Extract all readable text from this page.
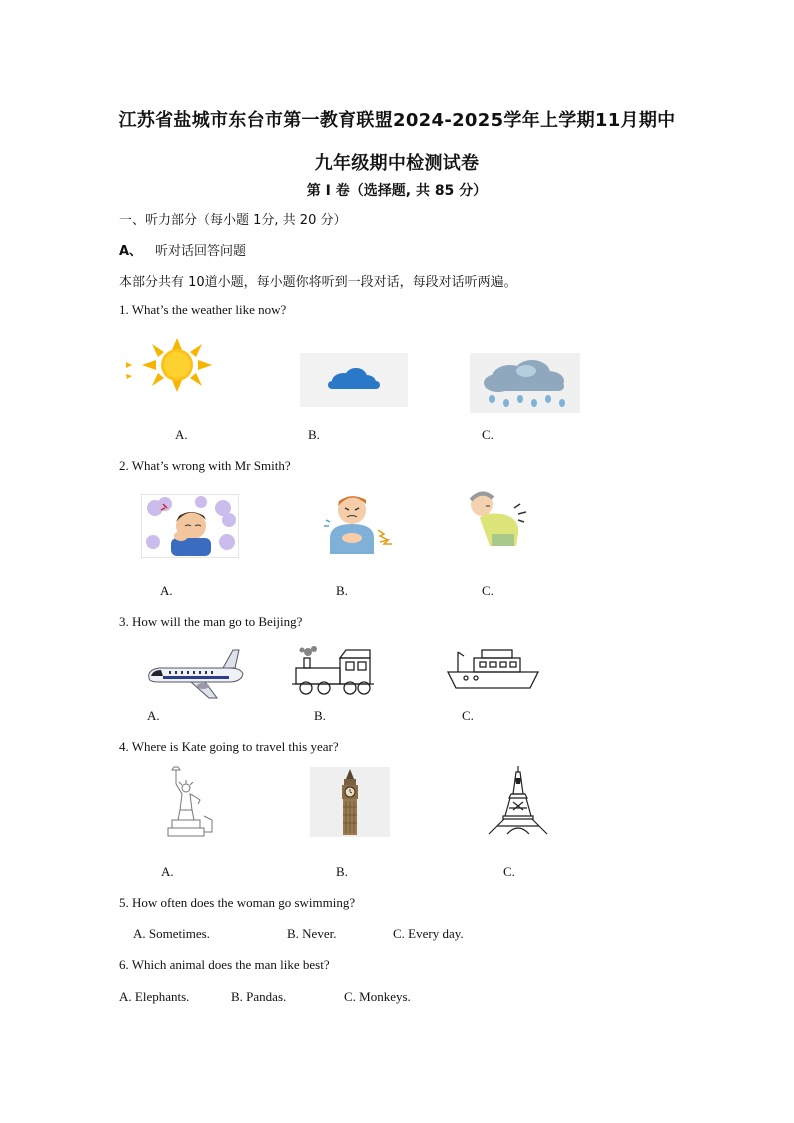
江苏省盐城市东台市第一教育联盟2024-2025学年上学期11月期中
九年级期中检测试卷
第 I 卷（选择题, 共 85 分）
一、听力部分（每小题 1分, 共 20 分）
A、 听对话回答问题
本部分共有 10道小题，每小题你将听到一段对话，每段对话听两遍。
1. What’s the weather like now?
A.	B.	C.
2. What’s wrong with Mr Smith?
A.	B.	C.
3. How will the man go to Beijing?
A.	B.	C.
4. Where is Kate going to travel this year?
A.	B.	C.
5. How often does the woman go swimming?
A. Sometimes.	B. Never.	C. Every day.
6. Which animal does the man like best?
A. Elephants.	B. Pandas.	C. Monkeys.
